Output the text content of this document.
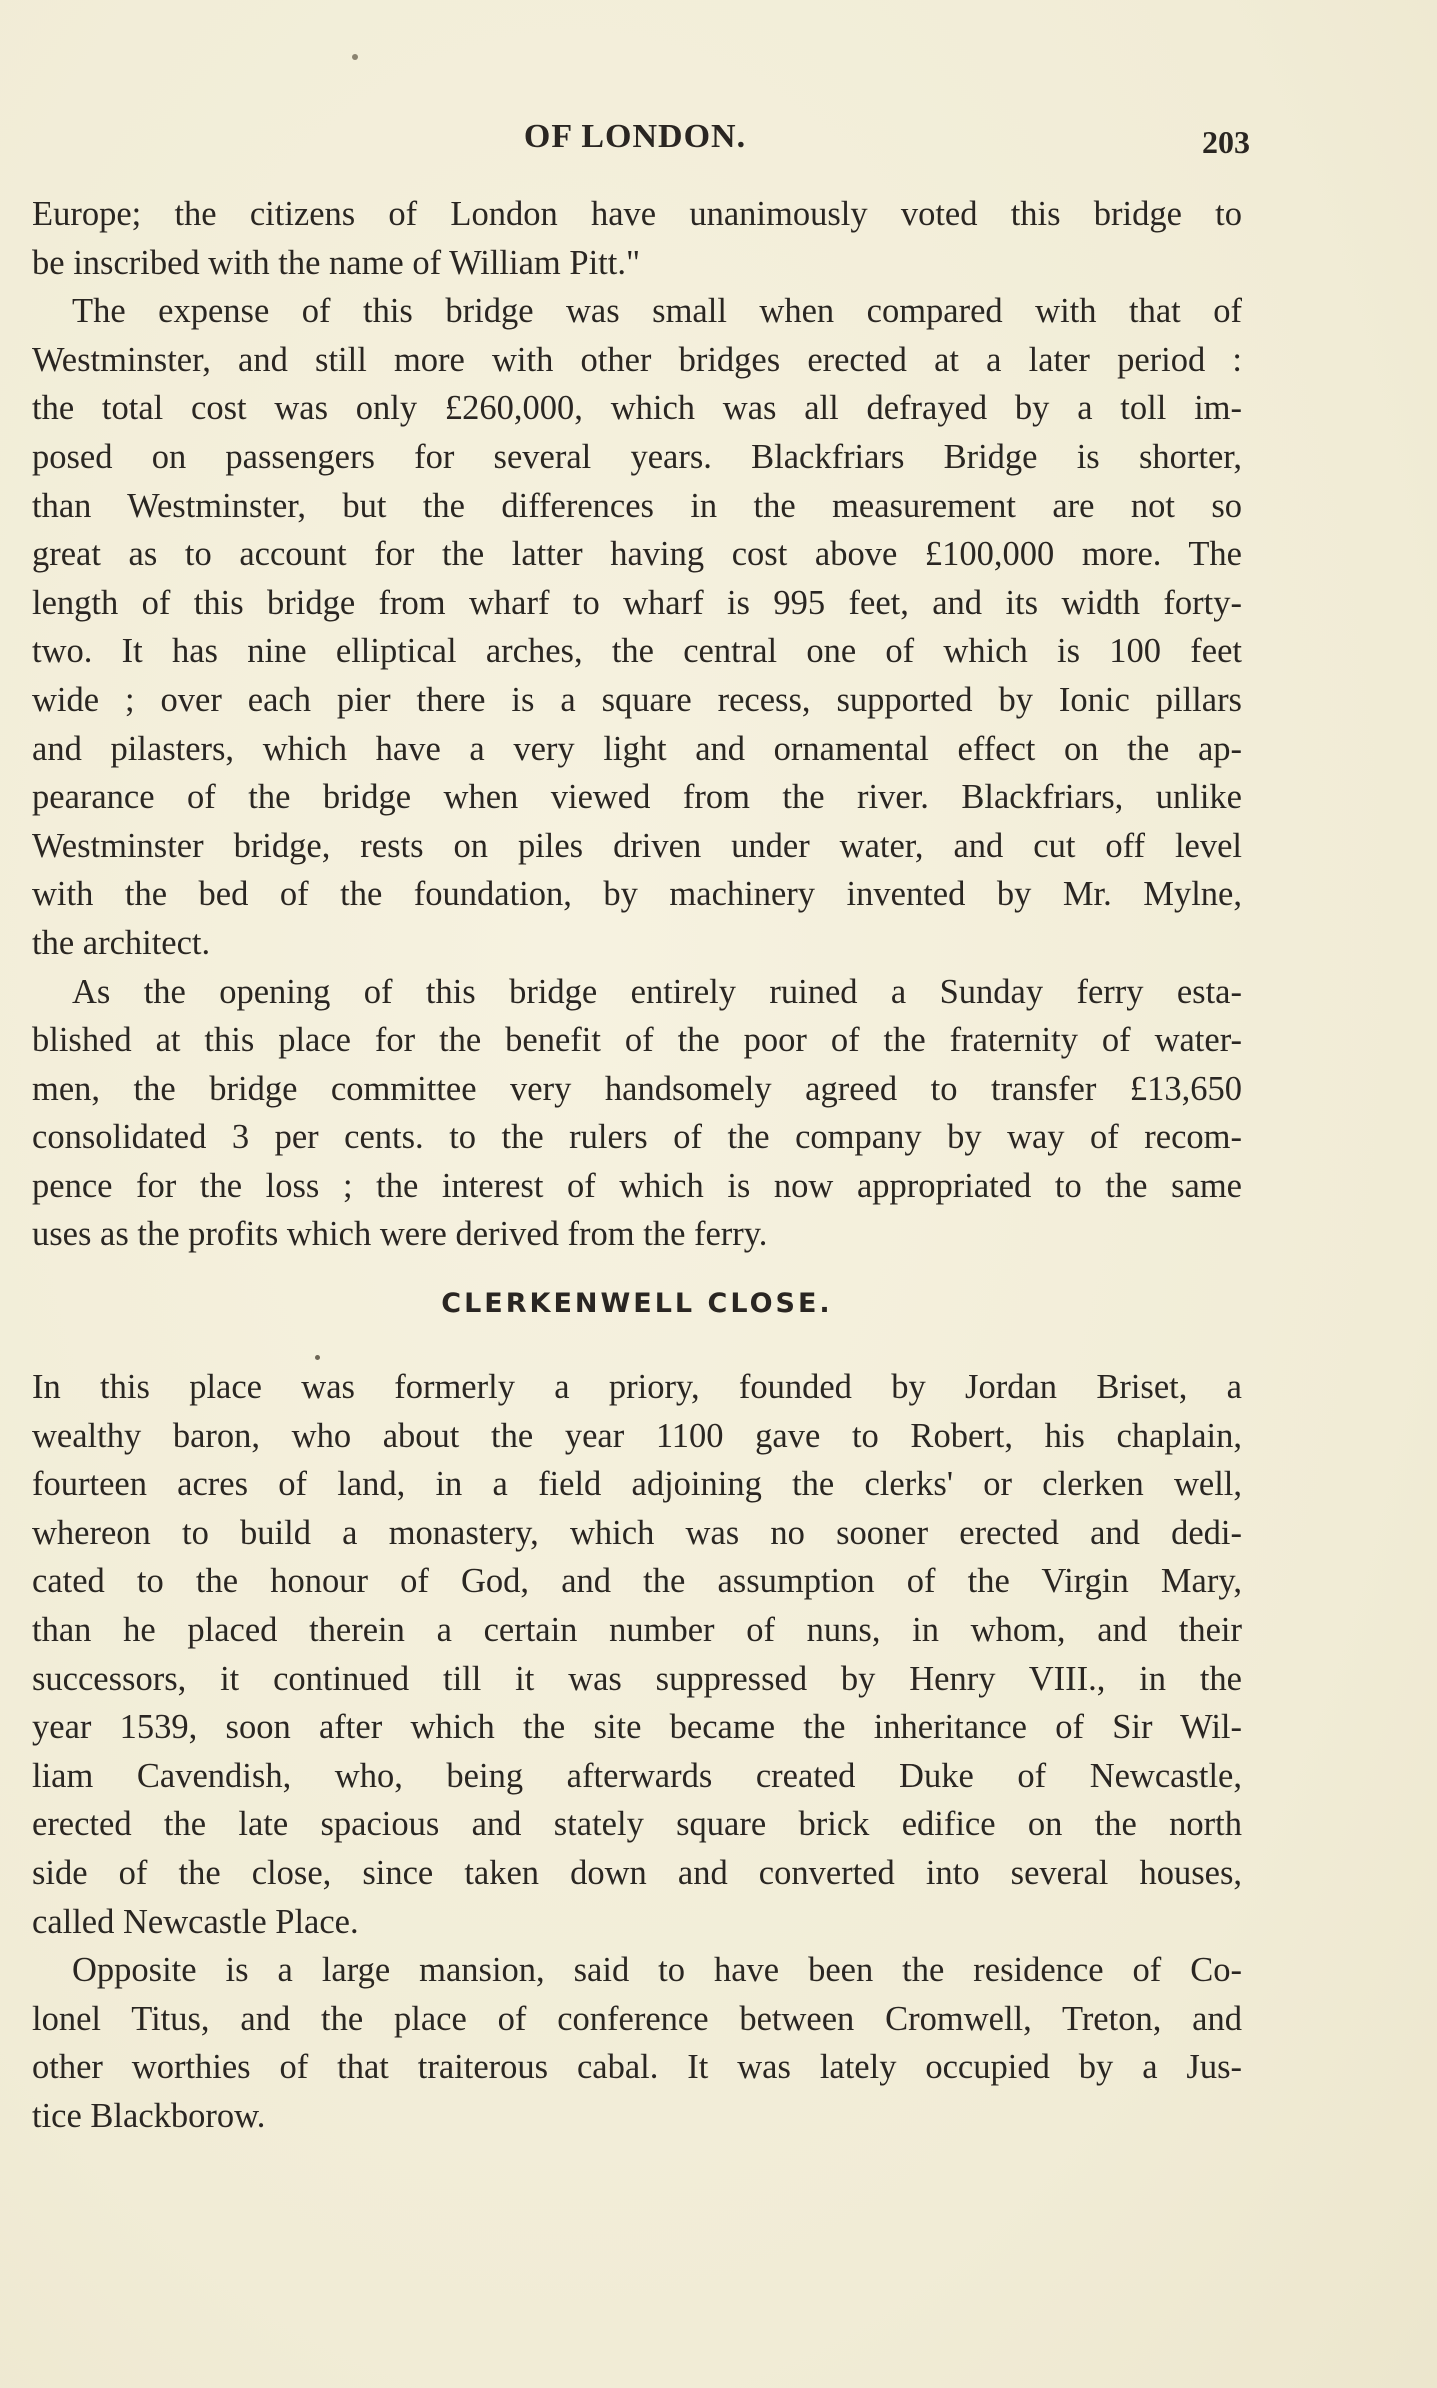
OF LONDON.	203
Europe; the citizens of London have unanimously voted this bridge to
be inscribed with the name of William Pitt."
The expense of this bridge was small when compared with that of
Westminster, and still more with other bridges erected at a later period :
the total cost was only £260,000, which was all defrayed by a toll im-
posed on passengers for several years. Blackfriars Bridge is shorter,
than Westminster, but the differences in the measurement are not so
great as to account for the latter having cost above £100,000 more. The
length of this bridge from wharf to wharf is 995 feet, and its width forty-
two. It has nine elliptical arches, the central one of which is 100 feet
wide ; over each pier there is a square recess, supported by Ionic pillars
and pilasters, which have a very light and ornamental effect on the ap-
pearance of the bridge when viewed from the river. Blackfriars, unlike
Westminster bridge, rests on piles driven under water, and cut off level
with the bed of the foundation, by machinery invented by Mr. Mylne,
the architect.
As the opening of this bridge entirely ruined a Sunday ferry esta-
blished at this place for the benefit of the poor of the fraternity of water-
men, the bridge committee very handsomely agreed to transfer £13,650
consolidated 3 per cents. to the rulers of the company by way of recom-
pence for the loss ; the interest of which is now appropriated to the same
uses as the profits which were derived from the ferry.
CLERKENWELL CLOSE.
In this place was formerly a priory, founded by Jordan Briset, a
wealthy baron, who about the year 1100 gave to Robert, his chaplain,
fourteen acres of land, in a field adjoining the clerks' or clerken well,
whereon to build a monastery, which was no sooner erected and dedi-
cated to the honour of God, and the assumption of the Virgin Mary,
than he placed therein a certain number of nuns, in whom, and their
successors, it continued till it was suppressed by Henry VIII., in the
year 1539, soon after which the site became the inheritance of Sir Wil-
liam Cavendish, who, being afterwards created Duke of Newcastle,
erected the late spacious and stately square brick edifice on the north
side of the close, since taken down and converted into several houses,
called Newcastle Place.
Opposite is a large mansion, said to have been the residence of Co-
lonel Titus, and the place of conference between Cromwell, Treton, and
other worthies of that traiterous cabal. It was lately occupied by a Jus-
tice Blackborow.
